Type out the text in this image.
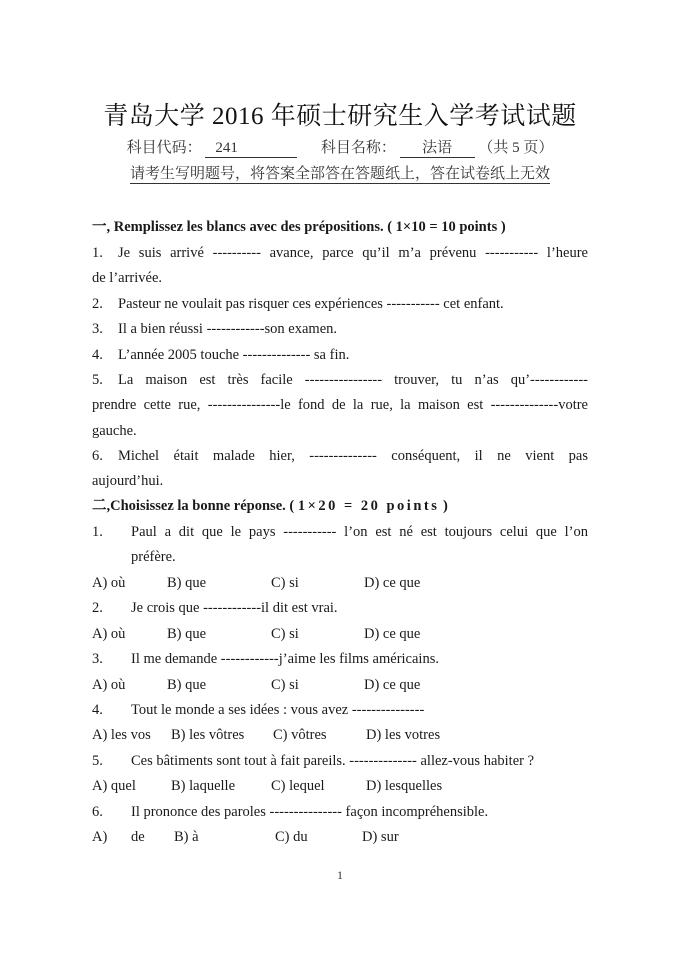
青岛大学 2016 年硕士研究生入学考试试题
科目代码： 241	科目名称： 法语 （共 5 页）
请考生写明题号，将答案全部答在答题纸上，答在试卷纸上无效
一, Remplissez les blancs avec des prépositions. ( 1×10 = 10 points )
1. Je suis arrivé ---------- avance, parce qu’il m’a prévenu ----------- l’heure
de l’arrivée.
2. Pasteur ne voulait pas risquer ces expériences ----------- cet enfant.
3. Il a bien réussi ------------son examen.
4. L’année 2005 touche -------------- sa fin.
5. La maison est très facile ---------------- trouver, tu n’as qu’------------
prendre cette rue, ---------------le fond de la rue, la maison est --------------votre
gauche.
6. Michel était malade hier, -------------- conséquent, il ne vient pas
aujourd’hui.
二,Choisissez la bonne réponse. ( 1×20 = 20 points )
1. Paul a dit que le pays ----------- l’on est né est toujours celui que l’on
préfère.
A) où	B) que	C) si	D) ce que
2. Je crois que ------------il dit est vrai.
A) où	B) que	C) si	D) ce que
3. Il me demande ------------j’aime les films américains.
A) où	B) que	C) si	D) ce que
4. Tout le monde a ses idées : vous avez ---------------
A) les vos B) les vôtres C) vôtres	D) les votres
5. Ces bâtiments sont tout à fait pareils. -------------- allez-vous habiter ?
A) quel B) laquelle C) lequel	D) lesquelles
6. Il prononce des paroles --------------- façon incompréhensible.
A) de B) à	C) du	D) sur
1
